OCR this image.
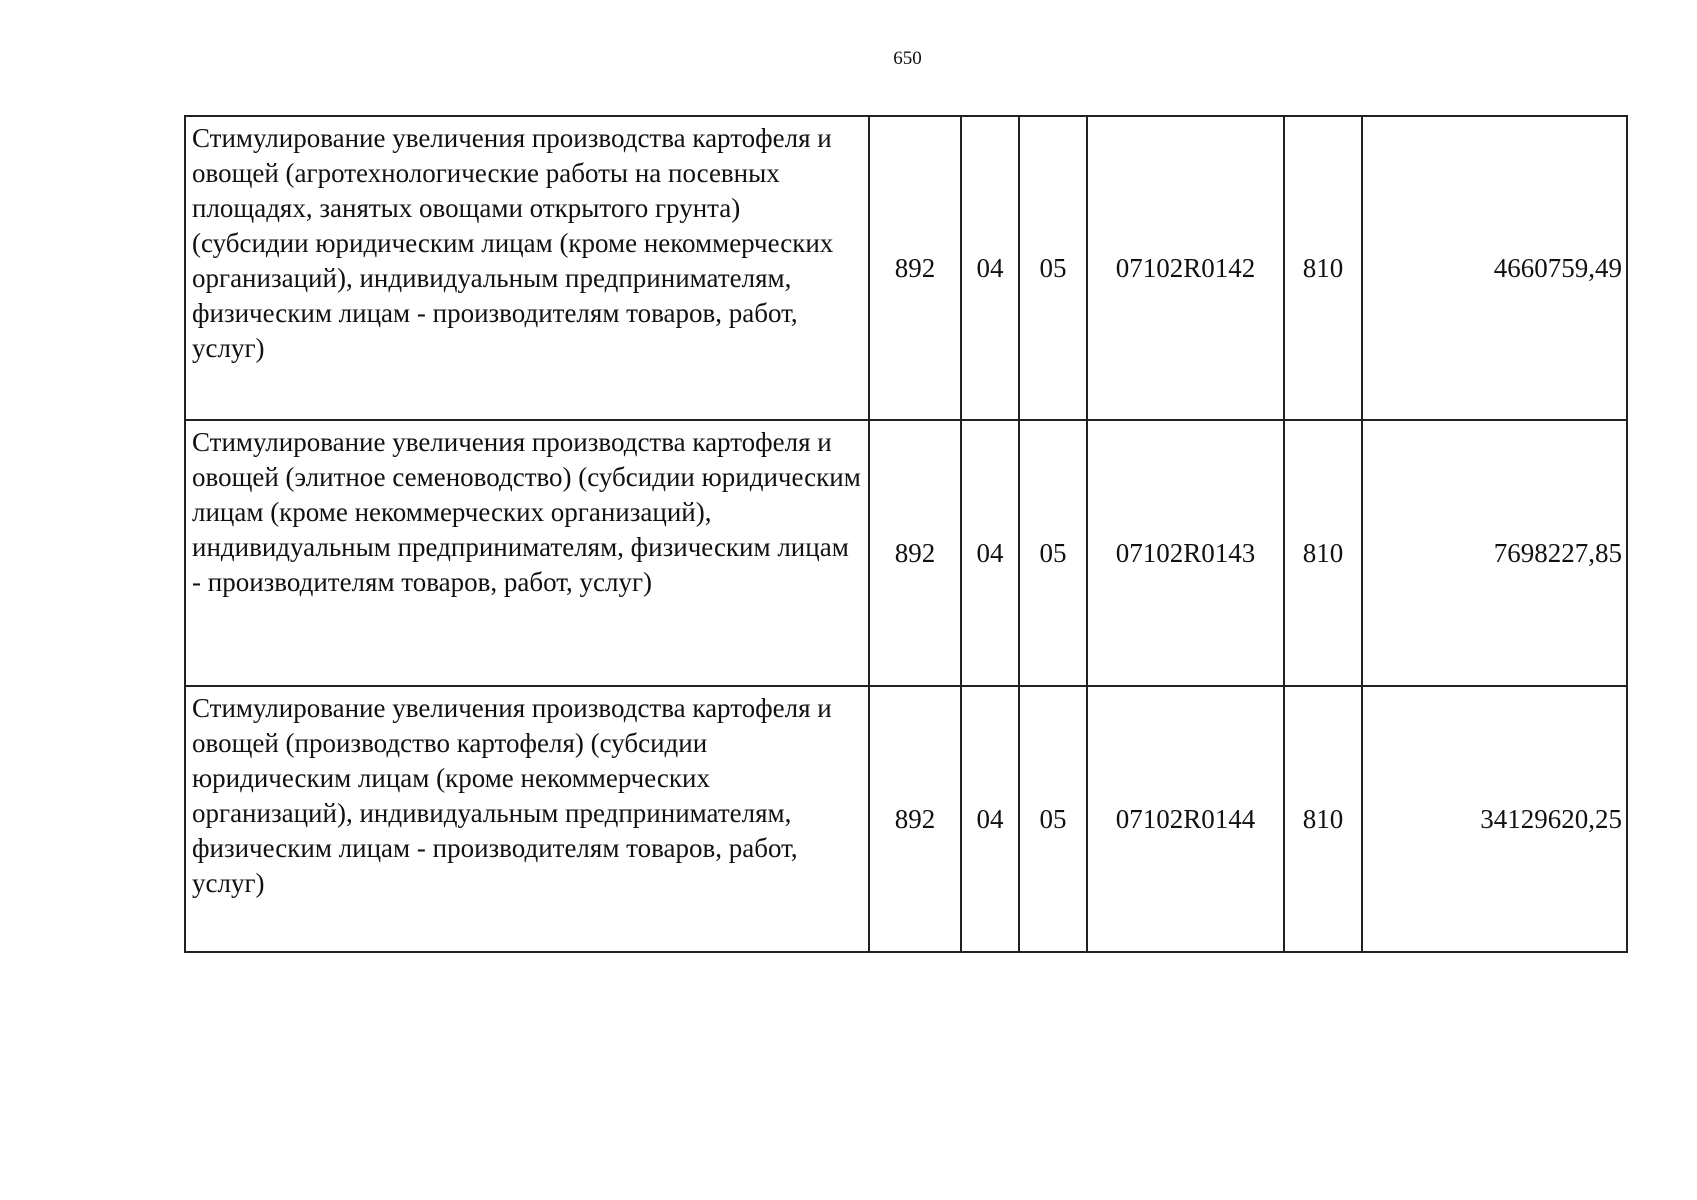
650
Стимулирование увеличения производства картофеля и овощей (агротехнологические работы на посевных площадях, занятых овощами открытого грунта) (субсидии юридическим лицам (кроме некоммерческих организаций), индивидуальным предпринимателям, физическим лицам - производителям товаров, работ, услуг)	892	04	05	07102R0142	810	4660759,49
Стимулирование увеличения производства картофеля и овощей (элитное семеноводство) (субсидии юридическим лицам (кроме некоммерческих организаций), индивидуальным предпринимателям, физическим лицам - производителям товаров, работ, услуг)	892	04	05	07102R0143	810	7698227,85
Стимулирование увеличения производства картофеля и овощей (производство картофеля) (субсидии юридическим лицам (кроме некоммерческих организаций), индивидуальным предпринимателям, физическим лицам - производителям товаров, работ, услуг)	892	04	05	07102R0144	810	34129620,25
